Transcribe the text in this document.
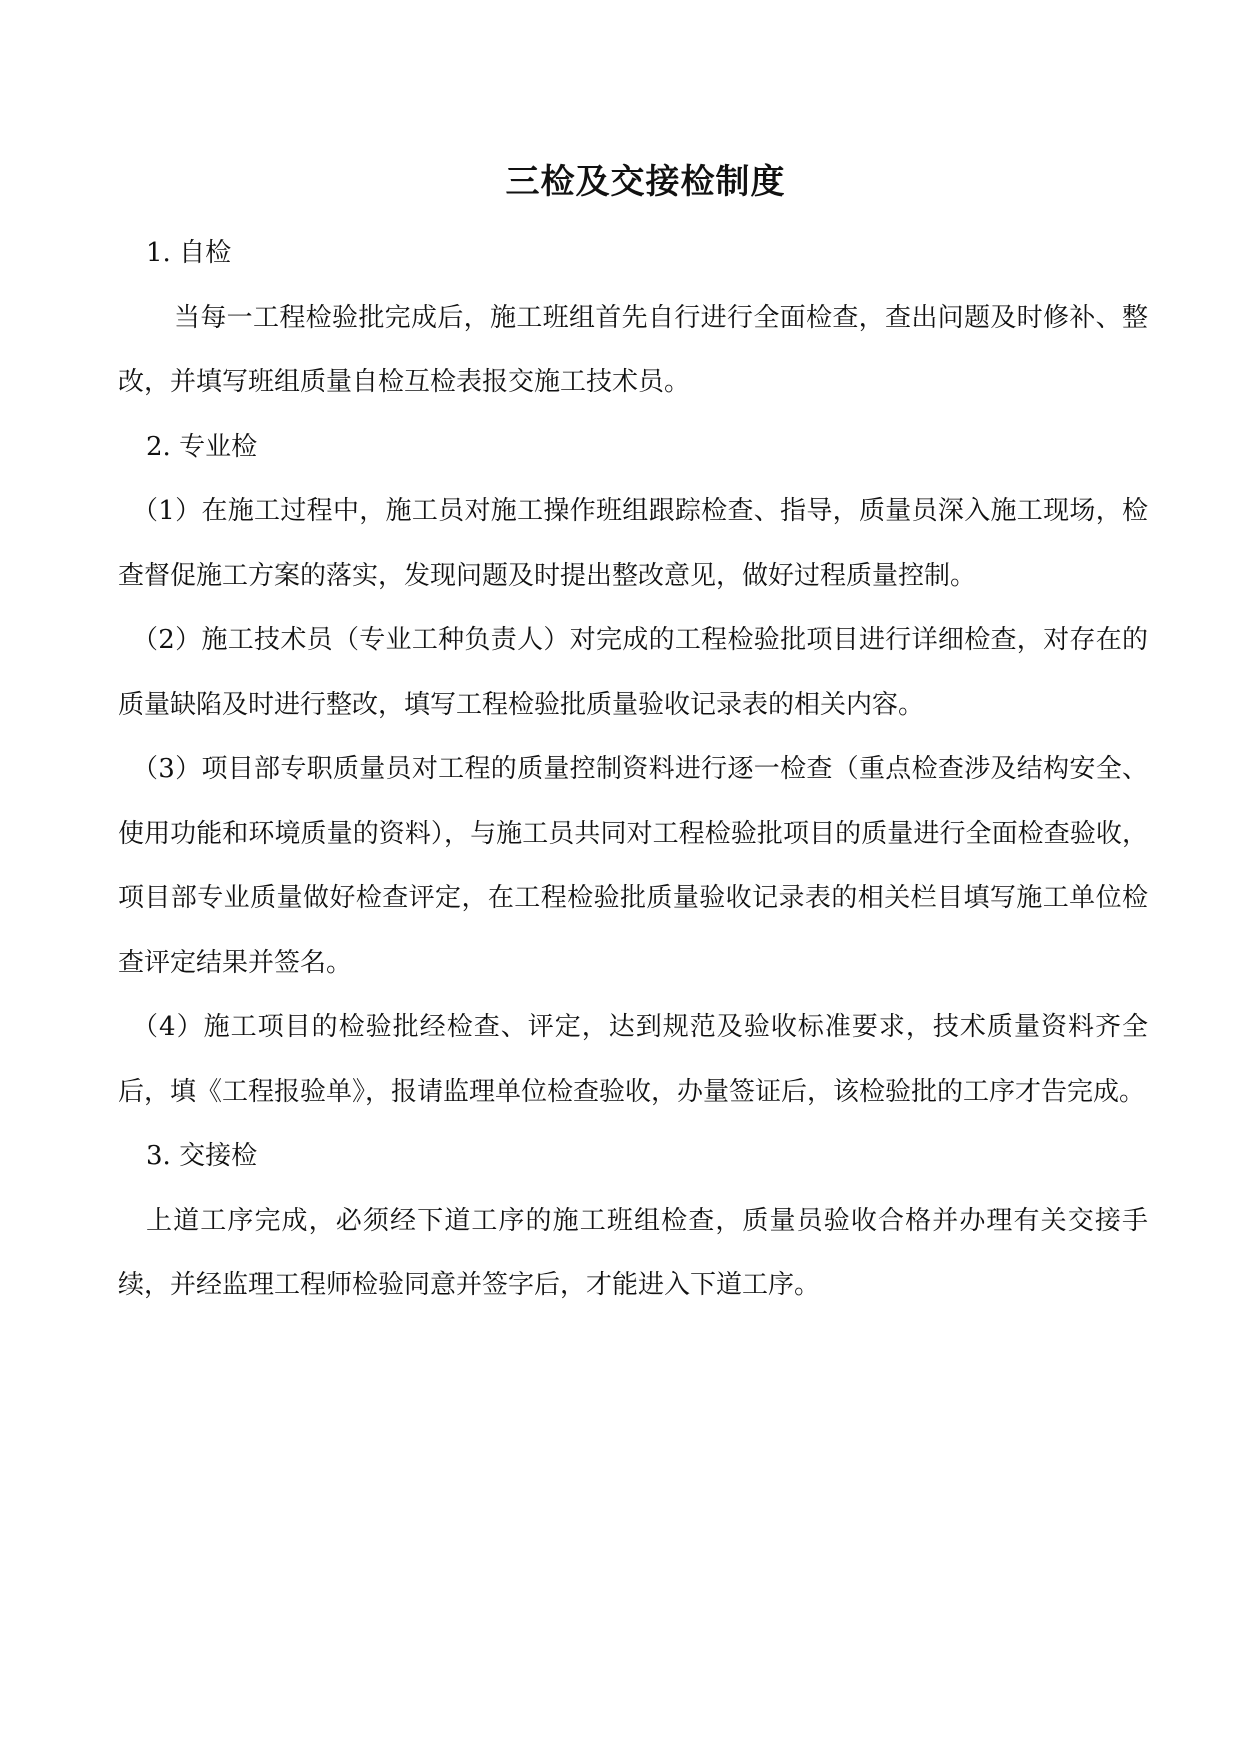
三检及交接检制度

1. 自检

当每一工程检验批完成后，施工班组首先自行进行全面检查，查出问题及时修补、整改，并填写班组质量自检互检表报交施工技术员。

2. 专业检

（1）在施工过程中，施工员对施工操作班组跟踪检查、指导，质量员深入施工现场，检查督促施工方案的落实，发现问题及时提出整改意见，做好过程质量控制。

（2）施工技术员（专业工种负责人）对完成的工程检验批项目进行详细检查，对存在的质量缺陷及时进行整改，填写工程检验批质量验收记录表的相关内容。

（3）项目部专职质量员对工程的质量控制资料进行逐一检查（重点检查涉及结构安全、使用功能和环境质量的资料），与施工员共同对工程检验批项目的质量进行全面检查验收，项目部专业质量做好检查评定，在工程检验批质量验收记录表的相关栏目填写施工单位检查评定结果并签名。

（4）施工项目的检验批经检查、评定，达到规范及验收标准要求，技术质量资料齐全后，填《工程报验单》，报请监理单位检查验收，办量签证后，该检验批的工序才告完成。

3. 交接检

上道工序完成，必须经下道工序的施工班组检查，质量员验收合格并办理有关交接手续，并经监理工程师检验同意并签字后，才能进入下道工序。
